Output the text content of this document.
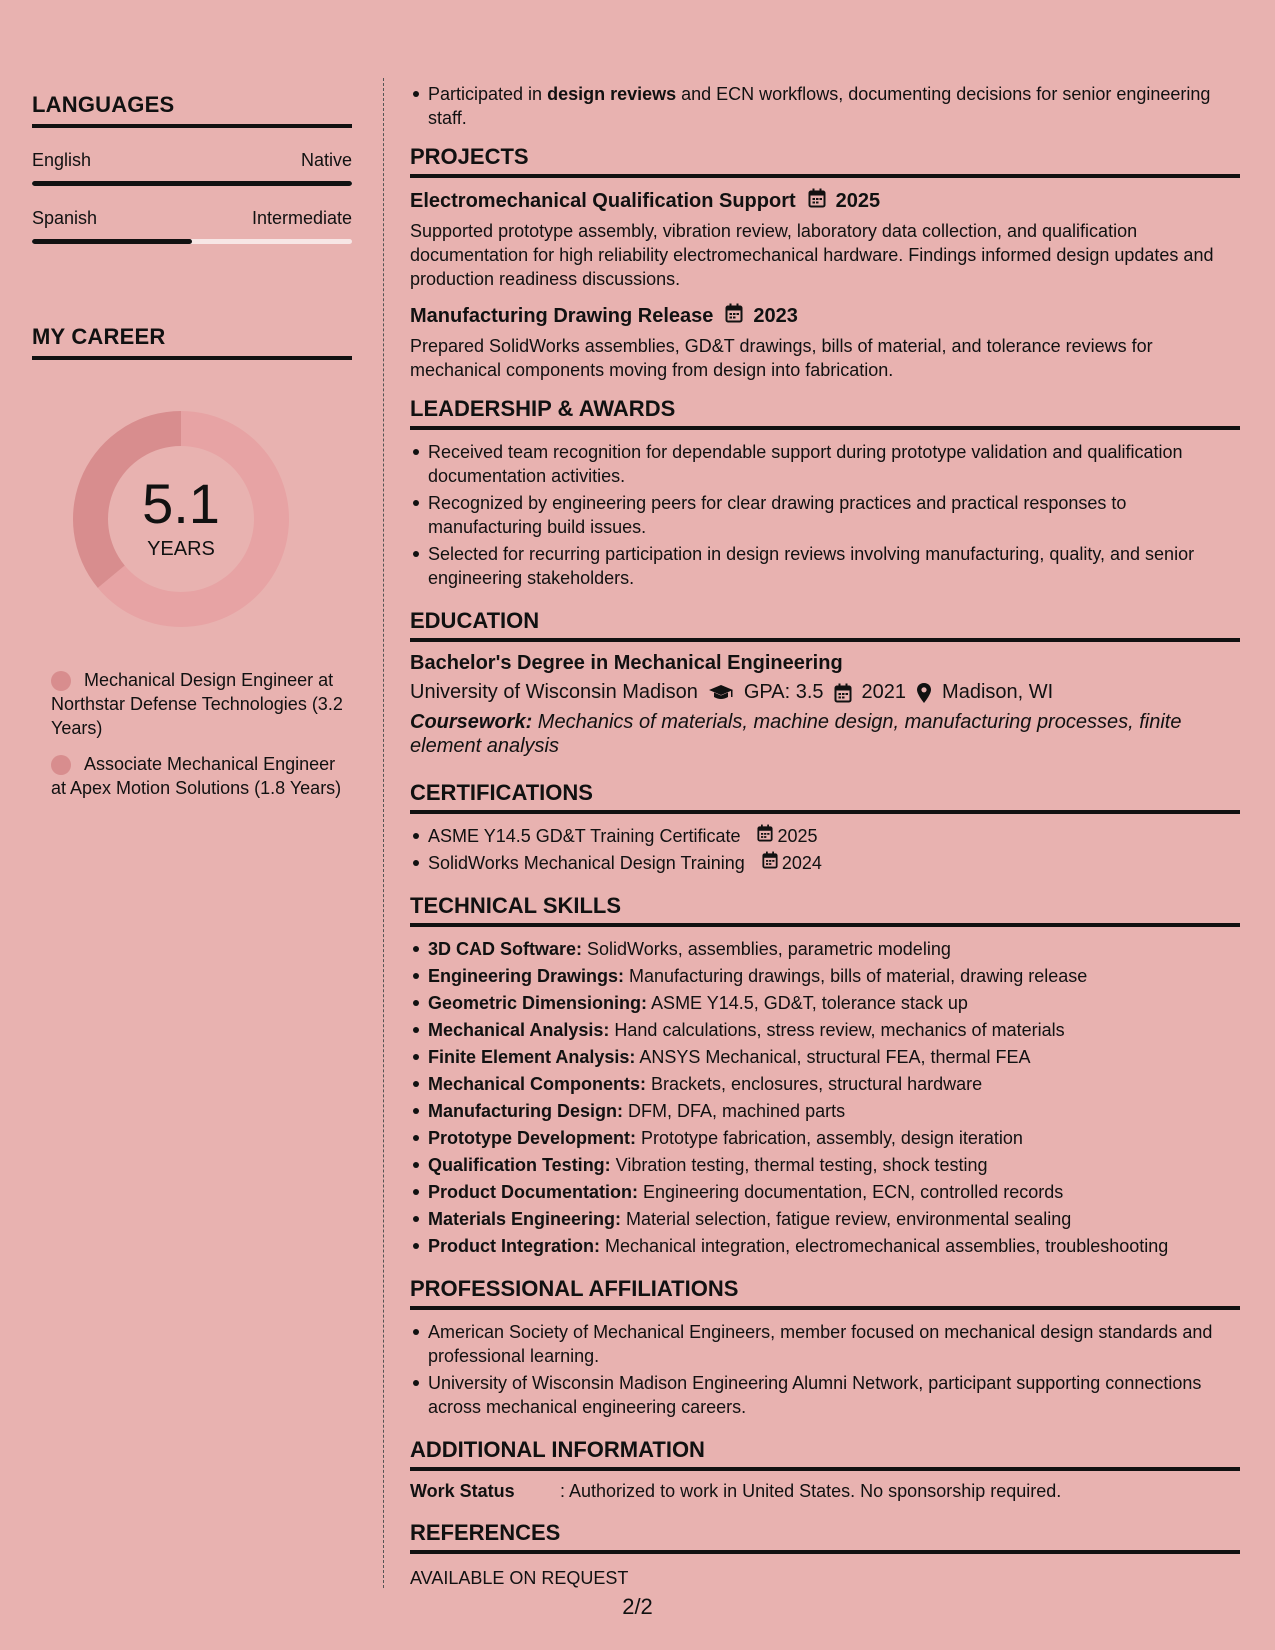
LANGUAGES
English	Native
Spanish	Intermediate
MY CAREER
5.1
YEARS
Mechanical Design Engineer at Northstar Defense Technologies (3.2 Years)
Associate Mechanical Engineer at Apex Motion Solutions (1.8 Years)
Participated in design reviews and ECN workflows, documenting decisions for senior engineering staff.
PROJECTS
Electromechanical Qualification Support 2025
Supported prototype assembly, vibration review, laboratory data collection, and qualification documentation for high reliability electromechanical hardware. Findings informed design updates and production readiness discussions.
Manufacturing Drawing Release 2023
Prepared SolidWorks assemblies, GD&T drawings, bills of material, and tolerance reviews for mechanical components moving from design into fabrication.
LEADERSHIP & AWARDS
Received team recognition for dependable support during prototype validation and qualification documentation activities.
Recognized by engineering peers for clear drawing practices and practical responses to manufacturing build issues.
Selected for recurring participation in design reviews involving manufacturing, quality, and senior engineering stakeholders.
EDUCATION
Bachelor's Degree in Mechanical Engineering
University of Wisconsin Madison GPA: 3.5 2021 Madison, WI
Coursework: Mechanics of materials, machine design, manufacturing processes, finite element analysis
CERTIFICATIONS
ASME Y14.5 GD&T Training Certificate 2025
SolidWorks Mechanical Design Training 2024
TECHNICAL SKILLS
3D CAD Software: SolidWorks, assemblies, parametric modeling
Engineering Drawings: Manufacturing drawings, bills of material, drawing release
Geometric Dimensioning: ASME Y14.5, GD&T, tolerance stack up
Mechanical Analysis: Hand calculations, stress review, mechanics of materials
Finite Element Analysis: ANSYS Mechanical, structural FEA, thermal FEA
Mechanical Components: Brackets, enclosures, structural hardware
Manufacturing Design: DFM, DFA, machined parts
Prototype Development: Prototype fabrication, assembly, design iteration
Qualification Testing: Vibration testing, thermal testing, shock testing
Product Documentation: Engineering documentation, ECN, controlled records
Materials Engineering: Material selection, fatigue review, environmental sealing
Product Integration: Mechanical integration, electromechanical assemblies, troubleshooting
PROFESSIONAL AFFILIATIONS
American Society of Mechanical Engineers, member focused on mechanical design standards and professional learning.
University of Wisconsin Madison Engineering Alumni Network, participant supporting connections across mechanical engineering careers.
ADDITIONAL INFORMATION
Work Status	: Authorized to work in United States. No sponsorship required.
REFERENCES
AVAILABLE ON REQUEST
2/2
